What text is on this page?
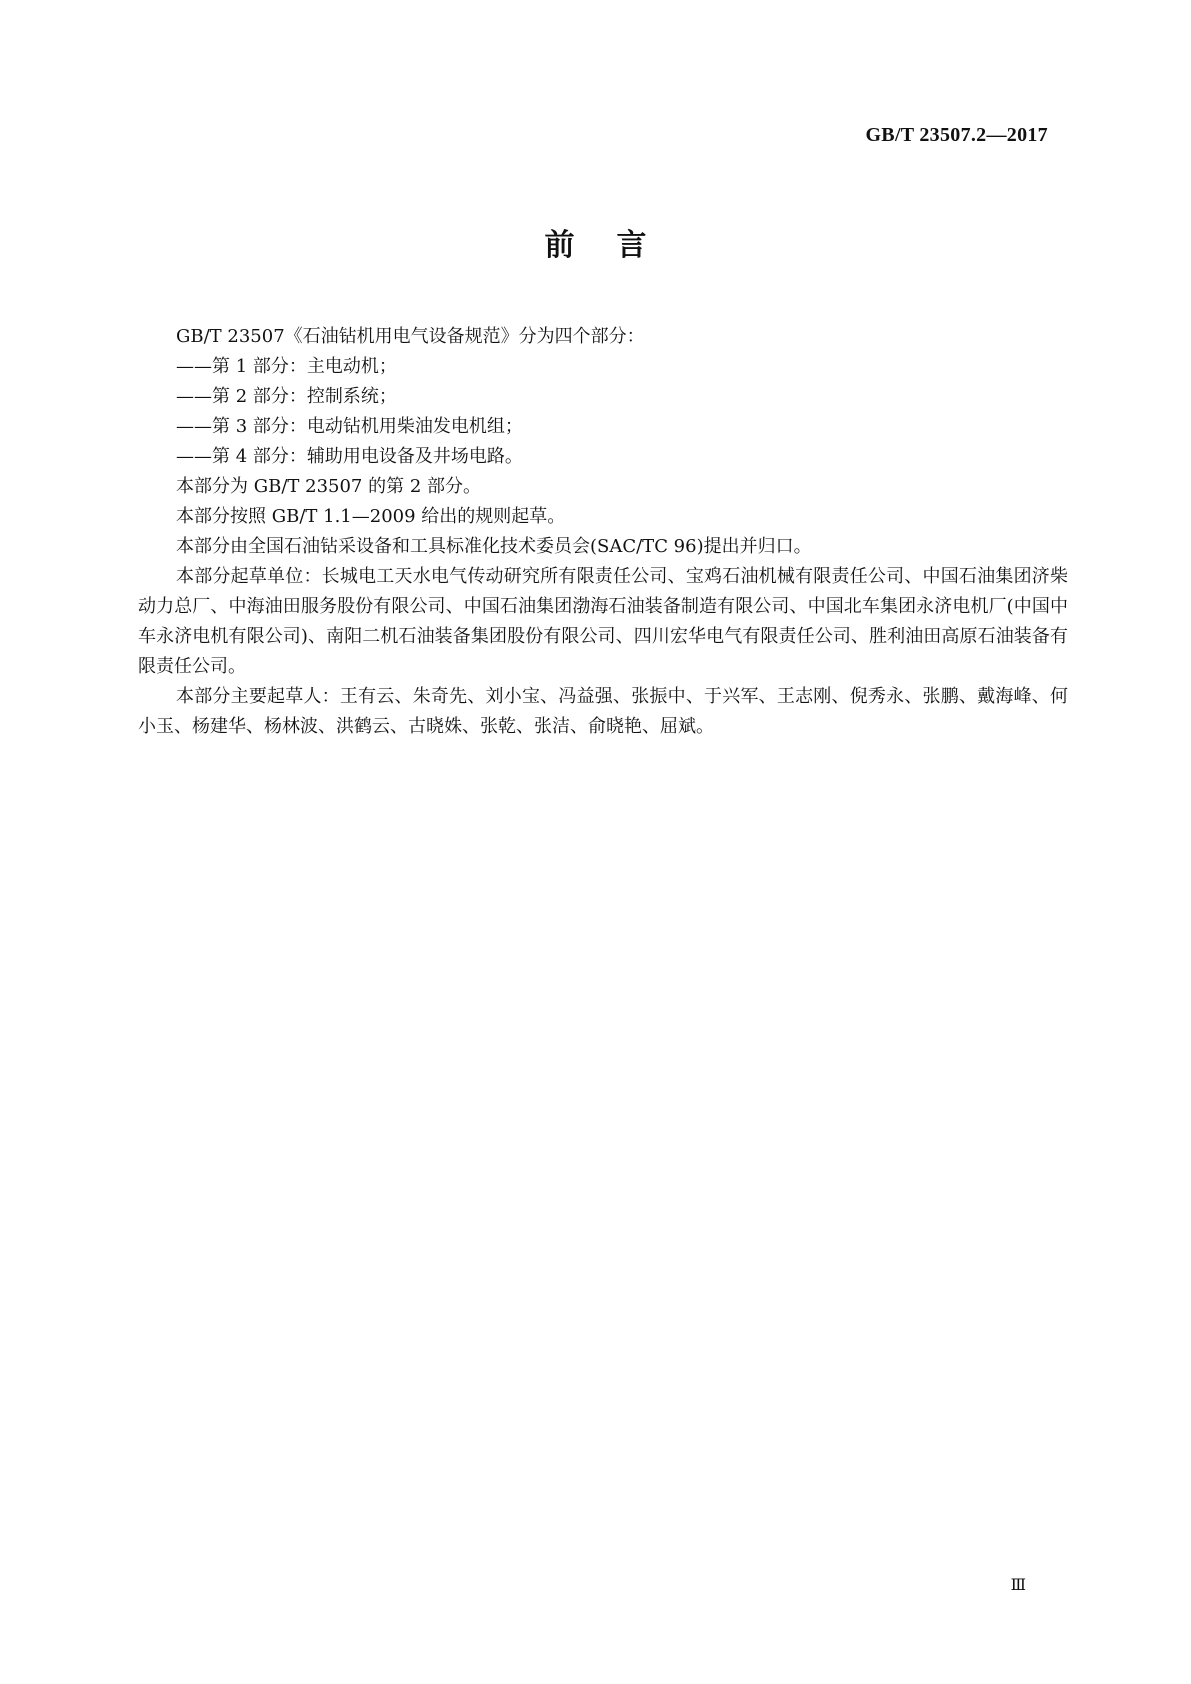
GB/T 23507.2—2017
前言

GB/T 23507《石油钻机用电气设备规范》分为四个部分：

——第 1 部分：主电动机；

——第 2 部分：控制系统；

——第 3 部分：电动钻机用柴油发电机组；

——第 4 部分：辅助用电设备及井场电路。

本部分为 GB/T 23507 的第 2 部分。

本部分按照 GB/T 1.1—2009 给出的规则起草。

本部分由全国石油钻采设备和工具标准化技术委员会(SAC/TC 96)提出并归口。

本部分起草单位：长城电工天水电气传动研究所有限责任公司、宝鸡石油机械有限责任公司、中国石油集团济柴动力总厂、中海油田服务股份有限公司、中国石油集团渤海石油装备制造有限公司、中国北车集团永济电机厂(中国中车永济电机有限公司)、南阳二机石油装备集团股份有限公司、四川宏华电气有限责任公司、胜利油田高原石油装备有限责任公司。

本部分主要起草人：王有云、朱奇先、刘小宝、冯益强、张振中、于兴军、王志刚、倪秀永、张鹏、戴海峰、何小玉、杨建华、杨林波、洪鹤云、古晓姝、张乾、张洁、俞晓艳、屈斌。

Ⅲ
